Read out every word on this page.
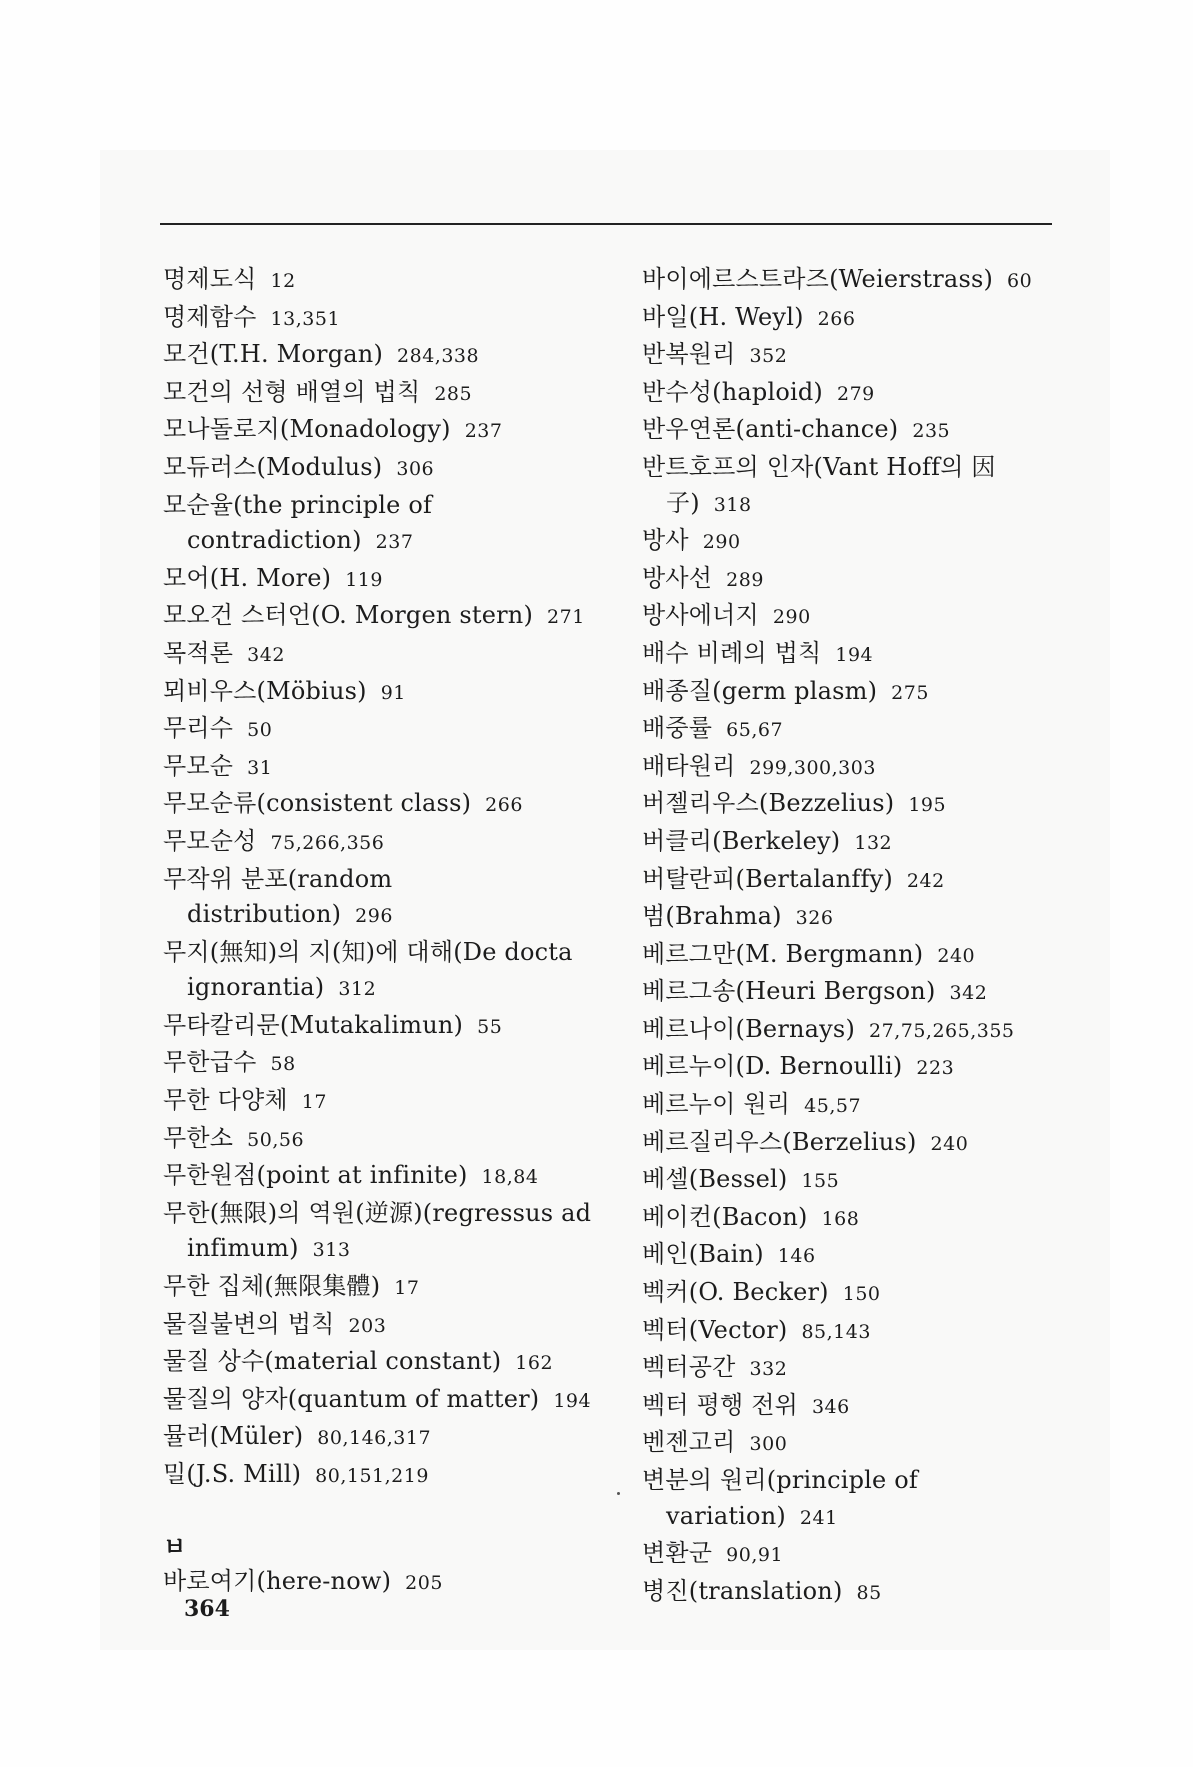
명제도식 12
명제함수 13,351
모건(T.H. Morgan) 284,338
모건의 선형 배열의 법칙 285
모나돌로지(Monadology) 237
모듀러스(Modulus) 306
모순율(the principle of contradiction) 237
모어(H. More) 119
모오건 스터언(O. Morgen stern) 271
목적론 342
뫼비우스(Möbius) 91
무리수 50
무모순 31
무모순류(consistent class) 266
무모순성 75,266,356
무작위 분포(random distribution) 296
무지(無知)의 지(知)에 대해(De docta ignorantia) 312
무타칼리문(Mutakalimun) 55
무한급수 58
무한 다양체 17
무한소 50,56
무한원점(point at infinite) 18,84
무한(無限)의 역원(逆源)(regressus ad infimum) 313
무한 집체(無限集體) 17
물질불변의 법칙 203
물질 상수(material constant) 162
물질의 양자(quantum of matter) 194
뮬러(Müler) 80,146,317
밀(J.S. Mill) 80,151,219
ㅂ
바로여기(here-now) 205
바이에르스트라즈(Weierstrass) 60
바일(H. Weyl) 266
반복원리 352
반수성(haploid) 279
반우연론(anti-chance) 235
반트호프의 인자(Vant Hoff의 因子) 318
방사 290
방사선 289
방사에너지 290
배수 비례의 법칙 194
배종질(germ plasm) 275
배중률 65,67
배타원리 299,300,303
버젤리우스(Bezzelius) 195
버클리(Berkeley) 132
버탈란피(Bertalanffy) 242
범(Brahma) 326
베르그만(M. Bergmann) 240
베르그송(Heuri Bergson) 342
베르나이(Bernays) 27,75,265,355
베르누이(D. Bernoulli) 223
베르누이 원리 45,57
베르질리우스(Berzelius) 240
베셀(Bessel) 155
베이컨(Bacon) 168
베인(Bain) 146
벡커(O. Becker) 150
벡터(Vector) 85,143
벡터공간 332
벡터 평행 전위 346
벤젠고리 300
변분의 원리(principle of variation) 241
변환군 90,91
병진(translation) 85
364
